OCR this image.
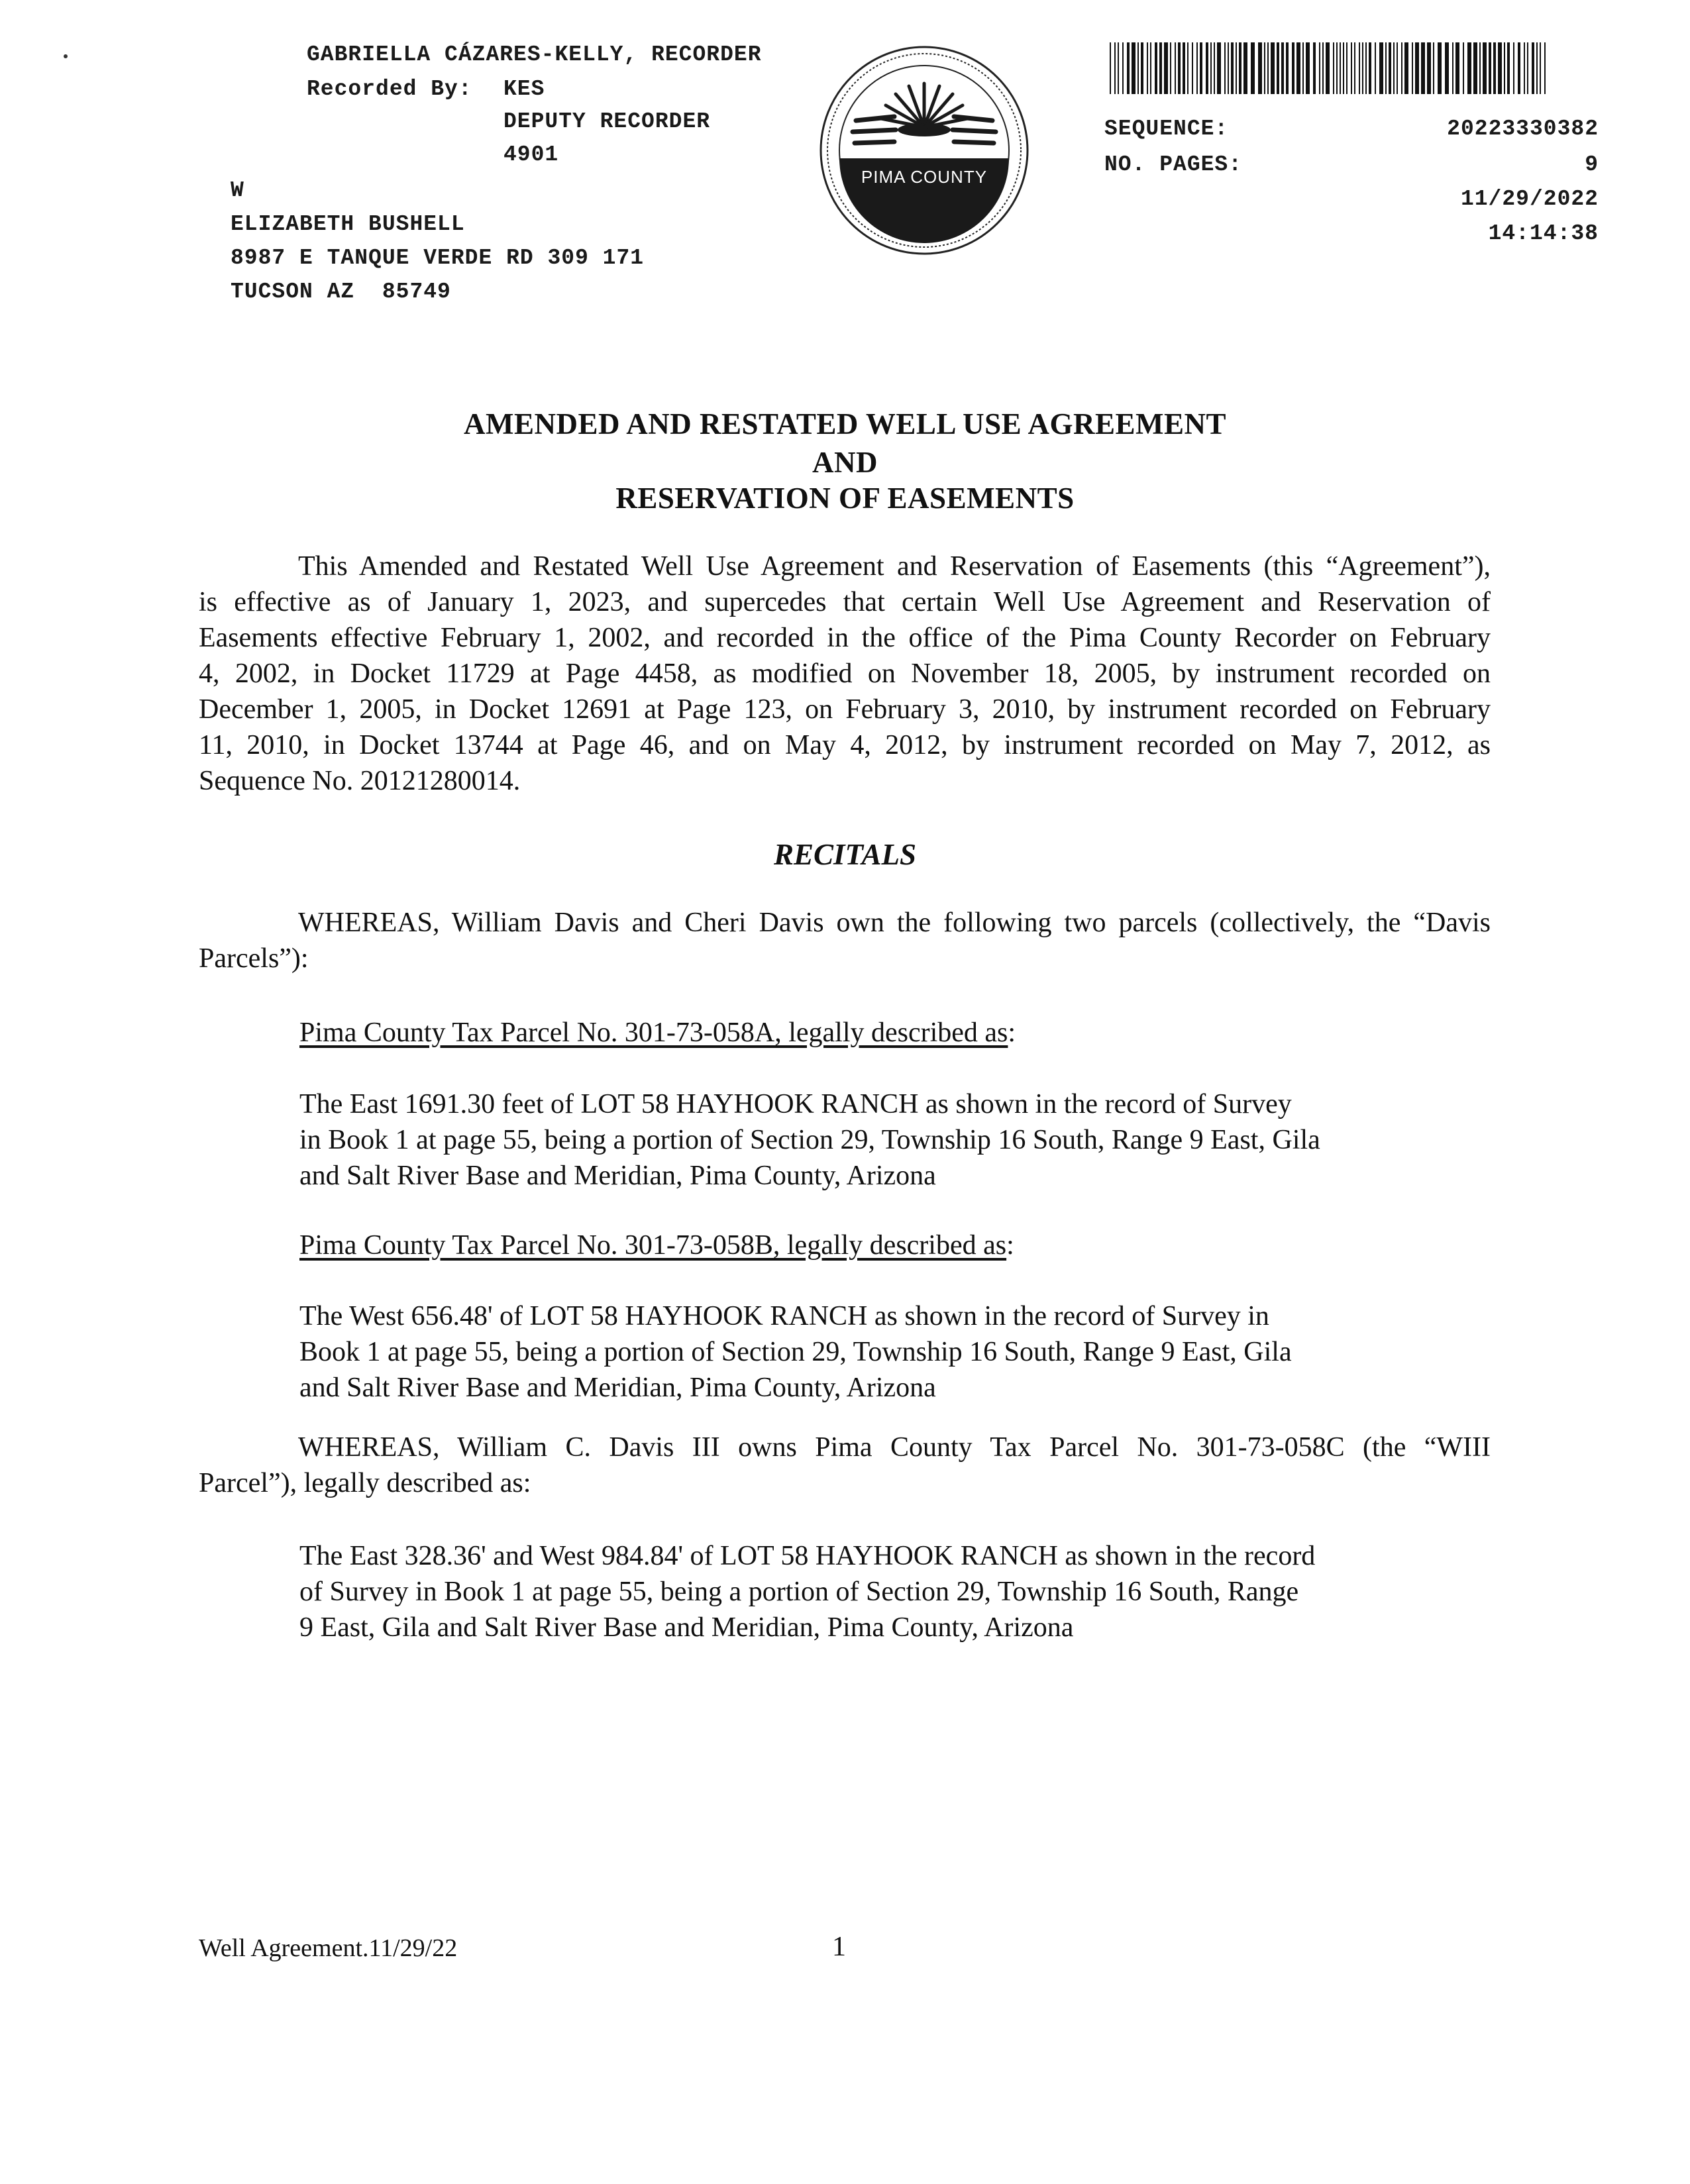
GABRIELLA CÁZARES-KELLY, RECORDER
Recorded By: KES
DEPUTY RECORDER
4901
W
ELIZABETH BUSHELL
8987 E TANQUE VERDE RD 309 171
TUCSON AZ  85749
PIMA COUNTY
SEQUENCE:	20223330382
NO. PAGES:	9
11/29/2022
14:14:38
AMENDED AND RESTATED WELL USE AGREEMENT
AND
RESERVATION OF EASEMENTS
This Amended and Restated Well Use Agreement and Reservation of Easements (this “Agreement”),
is effective as of January 1, 2023, and supercedes that certain Well Use Agreement and Reservation of
Easements effective February 1, 2002, and recorded in the office of the Pima County Recorder on February
4, 2002, in Docket 11729 at Page 4458, as modified on November 18, 2005, by instrument recorded on
December 1, 2005, in Docket 12691 at Page 123, on February 3, 2010, by instrument recorded on February
11, 2010, in Docket 13744 at Page 46, and on May 4, 2012, by instrument recorded on May 7, 2012, as
Sequence No. 20121280014.
RECITALS
WHEREAS, William Davis and Cheri Davis own the following two parcels (collectively, the “Davis
Parcels”):
Pima County Tax Parcel No. 301-73-058A, legally described as:
The East 1691.30 feet of LOT 58 HAYHOOK RANCH as shown in the record of Survey
in Book 1 at page 55, being a portion of Section 29, Township 16 South, Range 9 East, Gila
and Salt River Base and Meridian, Pima County, Arizona
Pima County Tax Parcel No. 301-73-058B, legally described as:
The West 656.48' of LOT 58 HAYHOOK RANCH as shown in the record of Survey in
Book 1 at page 55, being a portion of Section 29, Township 16 South, Range 9 East, Gila
and Salt River Base and Meridian, Pima County, Arizona
WHEREAS, William C. Davis III owns Pima County Tax Parcel No. 301-73-058C (the “WIII
Parcel”), legally described as:
The East 328.36' and West 984.84' of LOT 58 HAYHOOK RANCH as shown in the record
of Survey in Book 1 at page 55, being a portion of Section 29, Township 16 South, Range
9 East, Gila and Salt River Base and Meridian, Pima County, Arizona
Well Agreement.11/29/22	1
